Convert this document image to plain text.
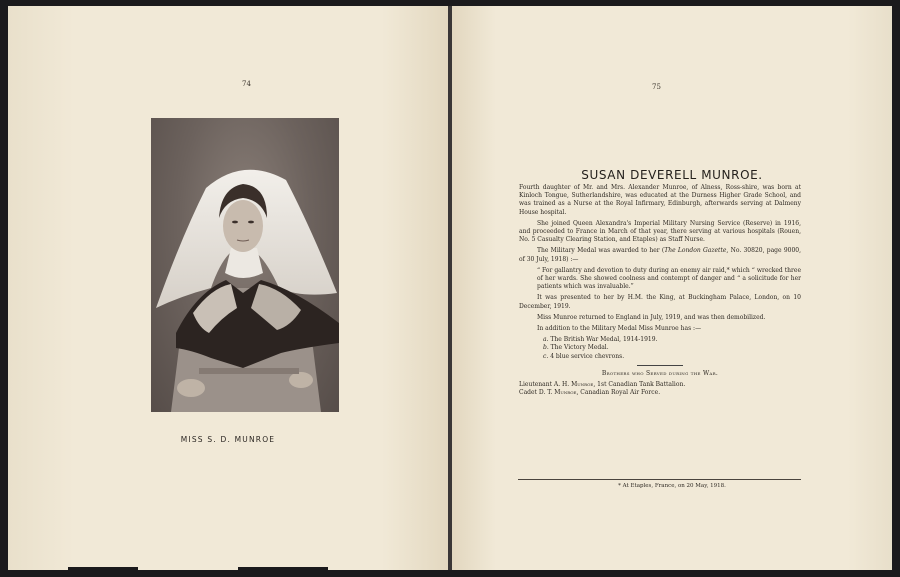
74
MISS S. D. MUNROE
75
SUSAN DEVERELL MUNROE.

Fourth daughter of Mr. and Mrs. Alexander Munroe, of Alness, Ross-shire, was born at Kinloch Tongue, Sutherlandshire, was educated at the Durness Higher Grade School, and was trained as a Nurse at the Royal Infirmary, Edinburgh, afterwards serving at Dalmeny House hospital.

She joined Queen Alexandra's Imperial Military Nursing Service (Reserve) in 1916, and proceeded to France in March of that year, there serving at various hospitals (Rouen, No. 5 Casualty Clearing Station, and Etaples) as Staff Nurse.

The Military Medal was awarded to her (The London Gazette, No. 30820, page 9000, of 30 July, 1918) :—

“ For gallantry and devotion to duty during an enemy air raid,* which “ wrecked three of her wards. She showed coolness and contempt of danger and “ a solicitude for her patients which was invaluable.”

It was presented to her by H.M. the King, at Buckingham Palace, London, on 10 December, 1919.

Miss Munroe returned to England in July, 1919, and was then demobilized.

In addition to the Military Medal Miss Munroe has :—

a. The British War Medal, 1914-1919.
b. The Victory Medal.
c. 4 blue service chevrons.
Brothers who Served during the War.
Lieutenant A. H. Munroe, 1st Canadian Tank Battalion.
Cadet D. T. Munroe, Canadian Royal Air Force.
* At Etaples, France, on 20 May, 1918.
